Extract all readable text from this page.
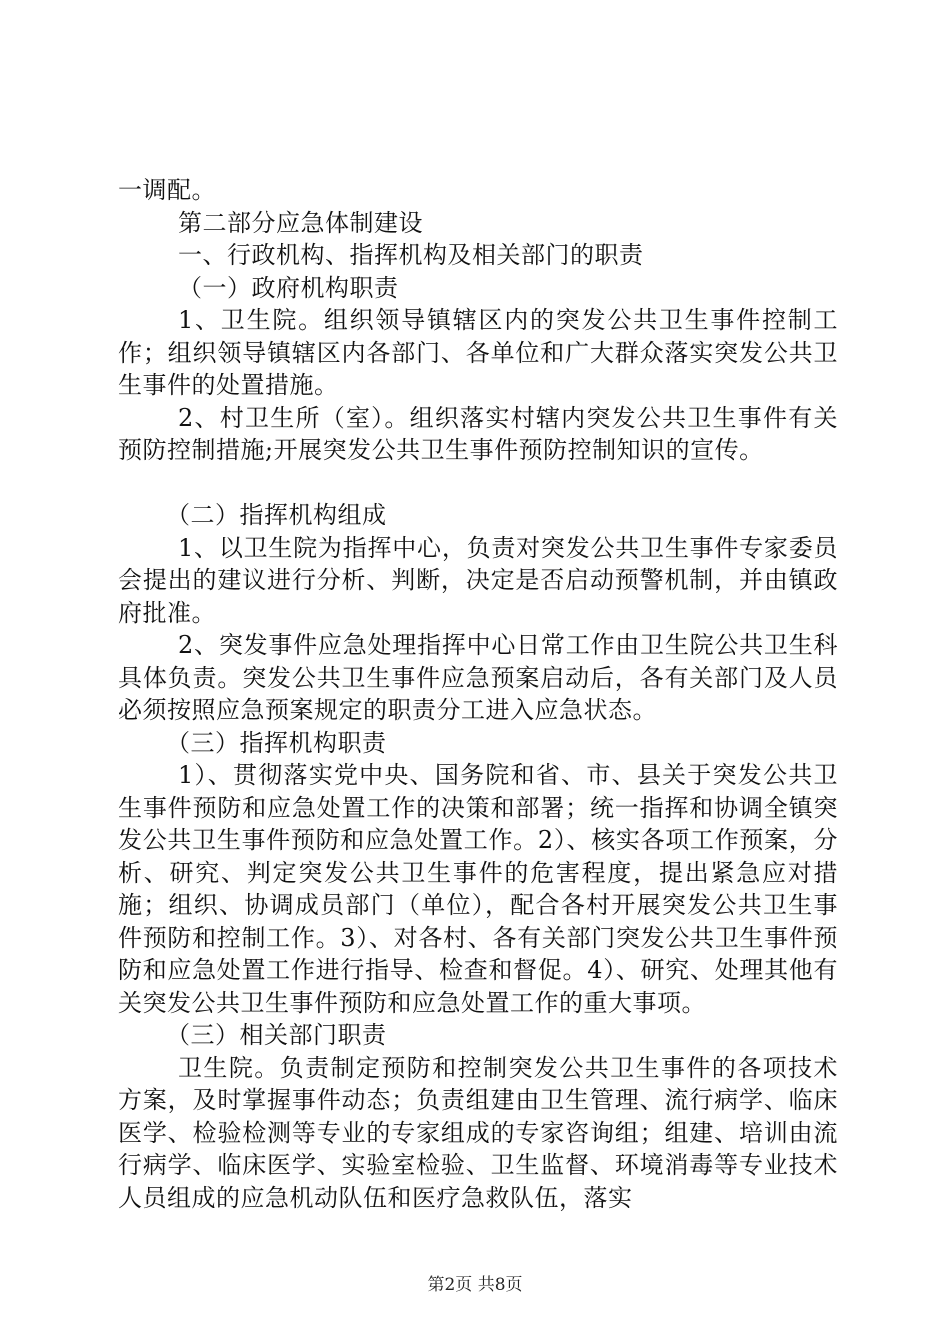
一调配。

第二部分应急体制建设

一、行政机构、指挥机构及相关部门的职责

（一）政府机构职责

1、卫生院。组织领导镇辖区内的突发公共卫生事件控制工作；组织领导镇辖区内各部门、各单位和广大群众落实突发公共卫生事件的处置措施。

2、村卫生所（室）。组织落实村辖内突发公共卫生事件有关预防控制措施;开展突发公共卫生事件预防控制知识的宣传。

（二）指挥机构组成

1、以卫生院为指挥中心，负责对突发公共卫生事件专家委员会提出的建议进行分析、判断，决定是否启动预警机制，并由镇政府批准。

2、突发事件应急处理指挥中心日常工作由卫生院公共卫生科具体负责。突发公共卫生事件应急预案启动后，各有关部门及人员必须按照应急预案规定的职责分工进入应急状态。

（三）指挥机构职责

1）、贯彻落实党中央、国务院和省、市、县关于突发公共卫生事件预防和应急处置工作的决策和部署；统一指挥和协调全镇突发公共卫生事件预防和应急处置工作。2）、核实各项工作预案，分析、研究、判定突发公共卫生事件的危害程度，提出紧急应对措施；组织、协调成员部门（单位），配合各村开展突发公共卫生事件预防和控制工作。3）、对各村、各有关部门突发公共卫生事件预防和应急处置工作进行指导、检查和督促。4）、研究、处理其他有关突发公共卫生事件预防和应急处置工作的重大事项。

（三）相关部门职责

卫生院。负责制定预防和控制突发公共卫生事件的各项技术方案，及时掌握事件动态；负责组建由卫生管理、流行病学、临床医学、检验检测等专业的专家组成的专家咨询组；组建、培训由流行病学、临床医学、实验室检验、卫生监督、环境消毒等专业技术人员组成的应急机动队伍和医疗急救队伍，落实

第2页 共8页
